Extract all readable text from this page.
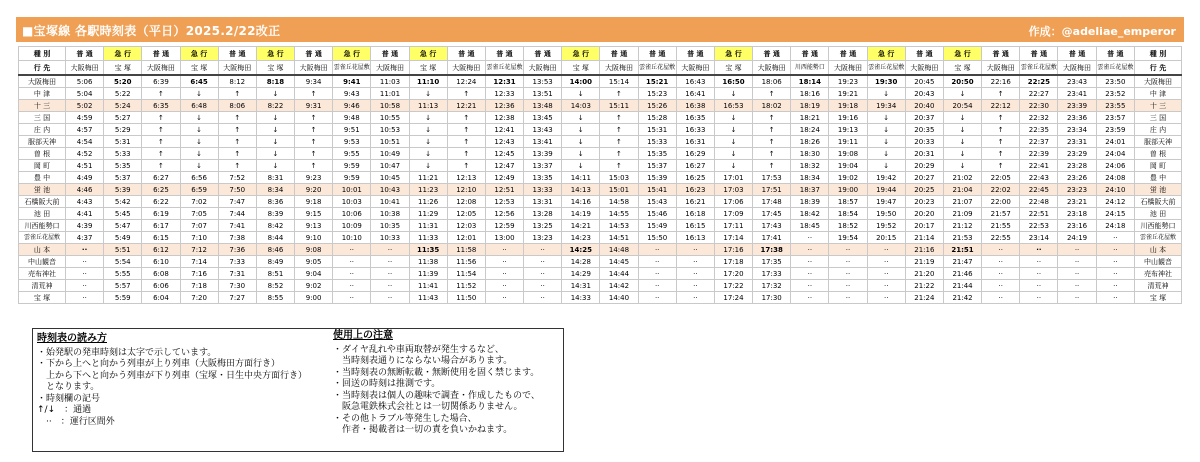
■宝塚線 各駅時刻表（平日）2025.2/22改正	作成：@adeliae_emperor
種 別	普 通	急 行	普 通	急 行	普 通	急 行	普 通	急 行	普 通	急 行	普 通	普 通	普 通	急 行	普 通	普 通	普 通	急 行	普 通	普 通	普 通	急 行	普 通	急 行	普 通	普 通	普 通	普 通	種 別
行 先	大阪梅田	宝 塚	大阪梅田	宝 塚	大阪梅田	宝 塚	大阪梅田	雲雀丘花屋敷	大阪梅田	宝 塚	大阪梅田	雲雀丘花屋敷	大阪梅田	宝 塚	大阪梅田	雲雀丘花屋敷	大阪梅田	宝 塚	大阪梅田	川西能勢口	大阪梅田	雲雀丘花屋敷	大阪梅田	宝 塚	大阪梅田	雲雀丘花屋敷	大阪梅田	雲雀丘花屋敷	行 先
大阪梅田	5:06	5:20	6:39	6:45	8:12	8:18	9:34	9:41	11:03	11:10	12:24	12:31	13:53	14:00	15:14	15:21	16:43	16:50	18:06	18:14	19:23	19:30	20:45	20:50	22:16	22:25	23:43	23:50	大阪梅田
中 津	5:04	5:22	↑	↓	↑	↓	↑	9:43	11:01	↓	↑	12:33	13:51	↓	↑	15:23	16:41	↓	↑	18:16	19:21	↓	20:43	↓	↑	22:27	23:41	23:52	中 津
十 三	5:02	5:24	6:35	6:48	8:06	8:22	9:31	9:46	10:58	11:13	12:21	12:36	13:48	14:03	15:11	15:26	16:38	16:53	18:02	18:19	19:18	19:34	20:40	20:54	22:12	22:30	23:39	23:55	十 三
三 国	4:59	5:27	↑	↓	↑	↓	↑	9:48	10:55	↓	↑	12:38	13:45	↓	↑	15:28	16:35	↓	↑	18:21	19:16	↓	20:37	↓	↑	22:32	23:36	23:57	三 国
庄 内	4:57	5:29	↑	↓	↑	↓	↑	9:51	10:53	↓	↑	12:41	13:43	↓	↑	15:31	16:33	↓	↑	18:24	19:13	↓	20:35	↓	↑	22:35	23:34	23:59	庄 内
服部天神	4:54	5:31	↑	↓	↑	↓	↑	9:53	10:51	↓	↑	12:43	13:41	↓	↑	15:33	16:31	↓	↑	18:26	19:11	↓	20:33	↓	↑	22:37	23:31	24:01	服部天神
曽 根	4:52	5:33	↑	↓	↑	↓	↑	9:55	10:49	↓	↑	12:45	13:39	↓	↑	15:35	16:29	↓	↑	18:30	19:08	↓	20:31	↓	↑	22:39	23:29	24:04	曽 根
岡 町	4:51	5:35	↑	↓	↑	↓	↑	9:59	10:47	↓	↑	12:47	13:37	↓	↑	15:37	16:27	↓	↑	18:32	19:04	↓	20:29	↓	↑	22:41	23:28	24:06	岡 町
豊 中	4:49	5:37	6:27	6:56	7:52	8:31	9:23	9:59	10:45	11:21	12:13	12:49	13:35	14:11	15:03	15:39	16:25	17:01	17:53	18:34	19:02	19:42	20:27	21:02	22:05	22:43	23:26	24:08	豊 中
蛍 池	4:46	5:39	6:25	6:59	7:50	8:34	9:20	10:01	10:43	11:23	12:10	12:51	13:33	14:13	15:01	15:41	16:23	17:03	17:51	18:37	19:00	19:44	20:25	21:04	22:02	22:45	23:23	24:10	蛍 池
石橋阪大前	4:43	5:42	6:22	7:02	7:47	8:36	9:18	10:03	10:41	11:26	12:08	12:53	13:31	14:16	14:58	15:43	16:21	17:06	17:48	18:39	18:57	19:47	20:23	21:07	22:00	22:48	23:21	24:12	石橋阪大前
池 田	4:41	5:45	6:19	7:05	7:44	8:39	9:15	10:06	10:38	11:29	12:05	12:56	13:28	14:19	14:55	15:46	16:18	17:09	17:45	18:42	18:54	19:50	20:20	21:09	21:57	22:51	23:18	24:15	池 田
川西能勢口	4:39	5:47	6:17	7:07	7:41	8:42	9:13	10:09	10:35	11:31	12:03	12:59	13:25	14:21	14:53	15:49	16:15	17:11	17:43	18:45	18:52	19:52	20:17	21:12	21:55	22:53	23:16	24:18	川西能勢口
雲雀丘花屋敷	4:37	5:49	6:15	7:10	7:38	8:44	9:10	10:10	10:33	11:33	12:01	13:00	13:23	14:23	14:51	15:50	16:13	17:14	17:41	··	19:54	20:15	21:14	21:53	22:55	23:14	24:19	··	雲雀丘花屋敷
山 本	··	5:51	6:12	7:12	7:36	8:46	9:08	··	··	11:35	11:58	··	··	14:25	14:48	··	··	17:16	17:38	··	··	··	21:16	21:51	··	··	··	··	山 本
中山観音	··	5:54	6:10	7:14	7:33	8:49	9:05	··	··	11:38	11:56	··	··	14:28	14:45	··	··	17:18	17:35	··	··	··	21:19	21:47	··	··	··	··	中山観音
売布神社	··	5:55	6:08	7:16	7:31	8:51	9:04	··	··	11:39	11:54	··	··	14:29	14:44	··	··	17:20	17:33	··	··	··	21:20	21:46	··	··	··	··	売布神社
清荒神	··	5:57	6:06	7:18	7:30	8:52	9:02	··	··	11:41	11:52	··	··	14:31	14:42	··	··	17:22	17:32	··	··	··	21:22	21:44	··	··	··	··	清荒神
宝 塚	··	5:59	6:04	7:20	7:27	8:55	9:00	··	··	11:43	11:50	··	··	14:33	14:40	··	··	17:24	17:30	··	··	··	21:24	21:42	··	··	··	··	宝 塚
時刻表の読み方
・始発駅の発車時刻は太字で示しています。
・下から上へと向かう列車が上り列車（大阪梅田方面行き）
　上から下へと向かう列車が下り列車（宝塚・日生中央方面行き）
　となります。
・時刻欄の記号
↑/↓　：通過
　··　：運行区間外
使用上の注意
・ダイヤ乱れや車両取替が発生するなど、
　当時刻表通りにならない場合があります。
・当時刻表の無断転載・無断使用を固く禁じます。
・回送の時刻は推測です。
・当時刻表は個人の趣味で調査・作成したもので、
　阪急電鉄株式会社とは一切関係ありません。
・その他トラブル等発生した場合、
　作者・掲載者は一切の責を負いかねます。
